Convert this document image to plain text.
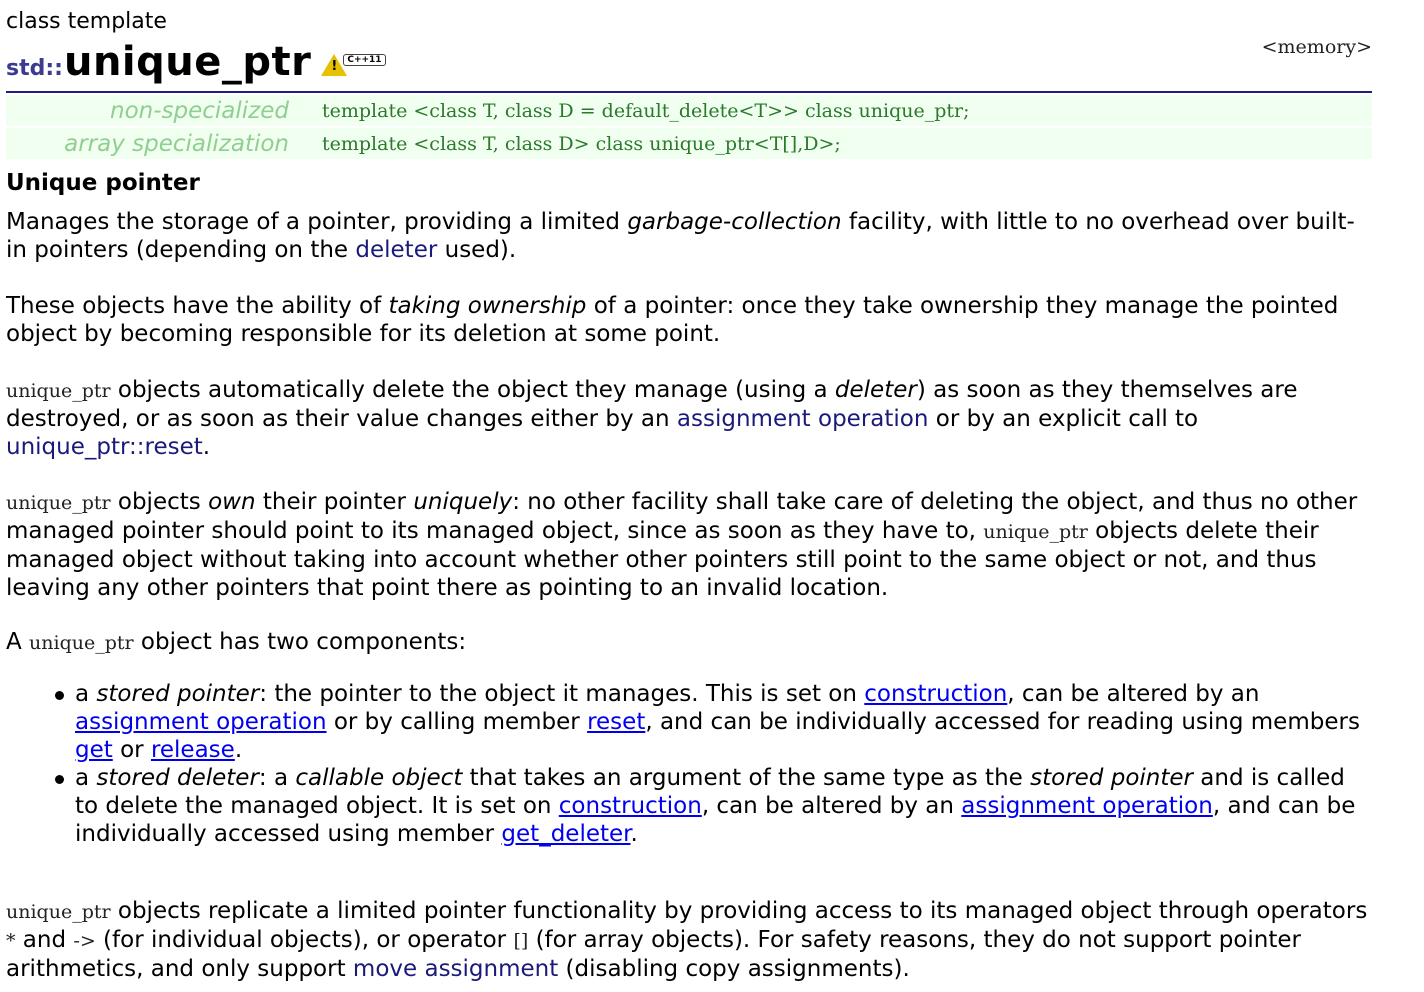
class template
std:: unique_ptr !	C++11
<memory>
non-specialized	template <class T, class D = default_delete<T>> class unique_ptr;
array specialization	template <class T, class D> class unique_ptr<T[],D>;
Unique pointer

Manages the storage of a pointer, providing a limited garbage-collection facility, with little to no overhead over built-in pointers (depending on the deleter used).

These objects have the ability of taking ownership of a pointer: once they take ownership they manage the pointed object by becoming responsible for its deletion at some point.

unique_ptr objects automatically delete the object they manage (using a deleter) as soon as they themselves are destroyed, or as soon as their value changes either by an assignment operation or by an explicit call to unique_ptr::reset.

unique_ptr objects own their pointer uniquely: no other facility shall take care of deleting the object, and thus no other managed pointer should point to its managed object, since as soon as they have to, unique_ptr objects delete their managed object without taking into account whether other pointers still point to the same object or not, and thus leaving any other pointers that point there as pointing to an invalid location.

A unique_ptr object has two components:

a stored pointer: the pointer to the object it manages. This is set on construction, can be altered by an assignment operation or by calling member reset, and can be individually accessed for reading using members get or release.
a stored deleter: a callable object that takes an argument of the same type as the stored pointer and is called to delete the managed object. It is set on construction, can be altered by an assignment operation, and can be individually accessed using member get_deleter.

unique_ptr objects replicate a limited pointer functionality by providing access to its managed object through operators * and -> (for individual objects), or operator [] (for array objects). For safety reasons, they do not support pointer arithmetics, and only support move assignment (disabling copy assignments).
